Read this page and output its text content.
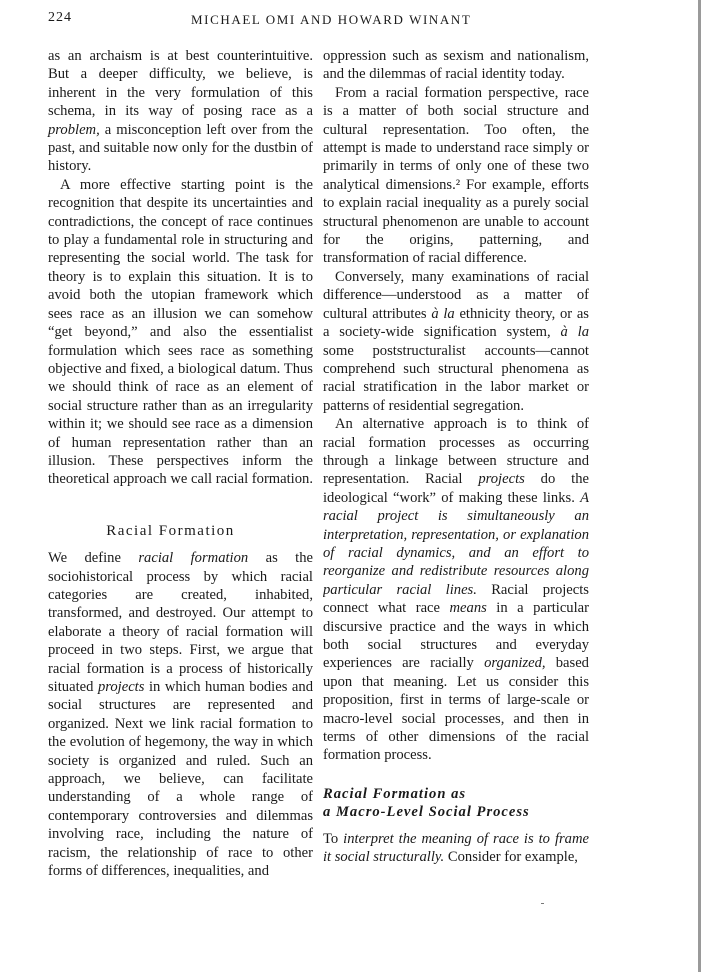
224	MICHAEL OMI AND HOWARD WINANT

as an archaism is at best counterintuitive. But a deeper difficulty, we believe, is inherent in the very formulation of this schema, in its way of posing race as a problem, a misconception left over from the past, and suitable now only for the dustbin of history.

A more effective starting point is the recognition that despite its uncertainties and contradictions, the concept of race continues to play a fundamental role in structuring and representing the social world. The task for theory is to explain this situation. It is to avoid both the utopian framework which sees race as an illusion we can somehow “get beyond,” and also the essentialist formulation which sees race as something objective and fixed, a biological datum. Thus we should think of race as an element of social structure rather than as an irregularity within it; we should see race as a dimension of human representation rather than an illusion. These perspectives inform the theoretical approach we call racial formation.

Racial Formation

We define racial formation as the sociohistorical process by which racial categories are created, inhabited, transformed, and destroyed. Our attempt to elaborate a theory of racial formation will proceed in two steps. First, we argue that racial formation is a process of historically situated projects in which human bodies and social structures are represented and organized. Next we link racial formation to the evolution of hegemony, the way in which society is organized and ruled. Such an approach, we believe, can facilitate understanding of a whole range of contemporary controversies and dilemmas involving race, including the nature of racism, the relationship of race to other forms of differences, inequalities, and

oppression such as sexism and nationalism, and the dilemmas of racial identity today.

From a racial formation perspective, race is a matter of both social structure and cultural representation. Too often, the attempt is made to understand race simply or primarily in terms of only one of these two analytical dimensions.² For example, efforts to explain racial inequality as a purely social structural phenomenon are unable to account for the origins, patterning, and transformation of racial difference.

Conversely, many examinations of racial difference—understood as a matter of cultural attributes à la ethnicity theory, or as a society-wide signification system, à la some poststructuralist accounts—cannot comprehend such structural phenomena as racial stratification in the labor market or patterns of residential segregation.

An alternative approach is to think of racial formation processes as occurring through a linkage between structure and representation. Racial projects do the ideological “work” of making these links. A racial project is simultaneously an interpretation, representation, or explanation of racial dynamics, and an effort to reorganize and redistribute resources along particular racial lines. Racial projects connect what race means in a particular discursive practice and the ways in which both social structures and everyday experiences are racially organized, based upon that meaning. Let us consider this proposition, first in terms of large-scale or macro-level social processes, and then in terms of other dimensions of the racial formation process.

Racial Formation as
a Macro-Level Social Process

To interpret the meaning of race is to frame it social structurally. Consider for example,
